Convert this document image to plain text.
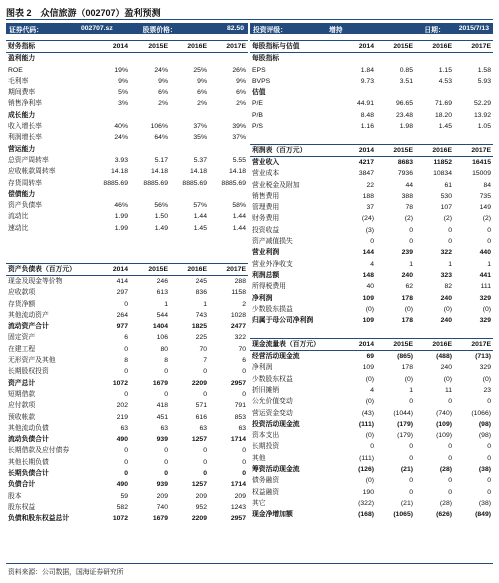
图表 2　众信旅游（002707）盈利预测
证券代码：	002707.sz	股票价格：	82.50 投资评级：	增持	日期： 2015/7/13
财务指标	2014	2015E	2016E	2017E
盈利能力				
ROE	19%	24%	25%	26%
毛利率	9%	9%	9%	9%
期间费率	5%	6%	6%	6%
销售净利率	3%	2%	2%	2%
成长能力				
收入增长率	40%	106%	37%	39%
利润增长率	24%	64%	35%	37%
营运能力				
总资产周转率	3.93	5.17	5.37	5.55
应收帐款周转率	14.18	14.18	14.18	14.18
存货周转率	8885.69	8885.69	8885.69	8885.69
偿债能力				
资产负债率	46%	56%	57%	58%
流动比	1.99	1.50	1.44	1.44
速动比	1.99	1.49	1.45	1.44

资产负债表（百万元）	2014	2015E	2016E	2017E
现金及现金等价物	414	246	245	288
应收款项	297	613	836	1158
存货净额	0	1	1	2
其他流动资产	264	544	743	1028
流动资产合计	977	1404	1825	2477
固定资产	6	106	225	322
在建工程	0	80	70	70
无形资产及其他	8	8	7	6
长期股权投资	0	0	0	0
资产总计	1072	1679	2209	2957
短期借款	0	0	0	0
应付款项	202	418	571	791
预收帐款	219	451	616	853
其他流动负债	63	63	63	63
流动负债合计	490	939	1257	1714
长期借款及应付债券	0	0	0	0
其他长期负债	0	0	0	0
长期负债合计	0	0	0	0
负债合计	490	939	1257	1714
股本	59	209	209	209
股东权益	582	740	952	1243
负债和股东权益总计	1072	1679	2209	2957
每股指标与估值	2014	2015E	2016E	2017E
每股指标				
EPS	1.84	0.85	1.15	1.58
BVPS	9.73	3.51	4.53	5.93
估值				
P/E	44.91	96.65	71.69	52.29
P/B	8.48	23.48	18.20	13.92
P/S	1.16	1.98	1.45	1.05

利润表（百万元）	2014	2015E	2016E	2017E
营业收入	4217	8683	11852	16415
营业成本	3847	7936	10834	15009
营业税金及附加	22	44	61	84
销售费用	188	388	530	735
管理费用	37	78	107	149
财务费用	(24)	(2)	(2)	(2)
投资收益	(3)	0	0	0
资产减值损失	0	0	0	0
营业利润	144	239	322	440
营业外净收支	4	1	1	1
利润总额	148	240	323	441
所得税费用	40	62	82	111
净利润	109	178	240	329
少数股东损益	(0)	(0)	(0)	(0)
归属于母公司净利润	109	178	240	329

现金流量表（百万元）	2014	2015E	2016E	2017E
经营活动现金流	69	(865)	(488)	(713)
净利润	109	178	240	329
少数股东权益	(0)	(0)	(0)	(0)
折旧摊销	4	1	11	23
公允价值变动	(0)	0	0	0
营运资金变动	(43)	(1044)	(740)	(1066)
投资活动现金流	(111)	(179)	(109)	(98)
资本支出	(0)	(179)	(109)	(98)
长期投资	0	0	0	0
其他	(111)	0	0	0
筹资活动现金流	(126)	(21)	(28)	(38)
债务融资	(0)	0	0	0
权益融资	190	0	0	0
其它	(322)	(21)	(28)	(38)
现金净增加额	(168)	(1065)	(626)	(849)
资料来源：公司数据，国海证券研究所
